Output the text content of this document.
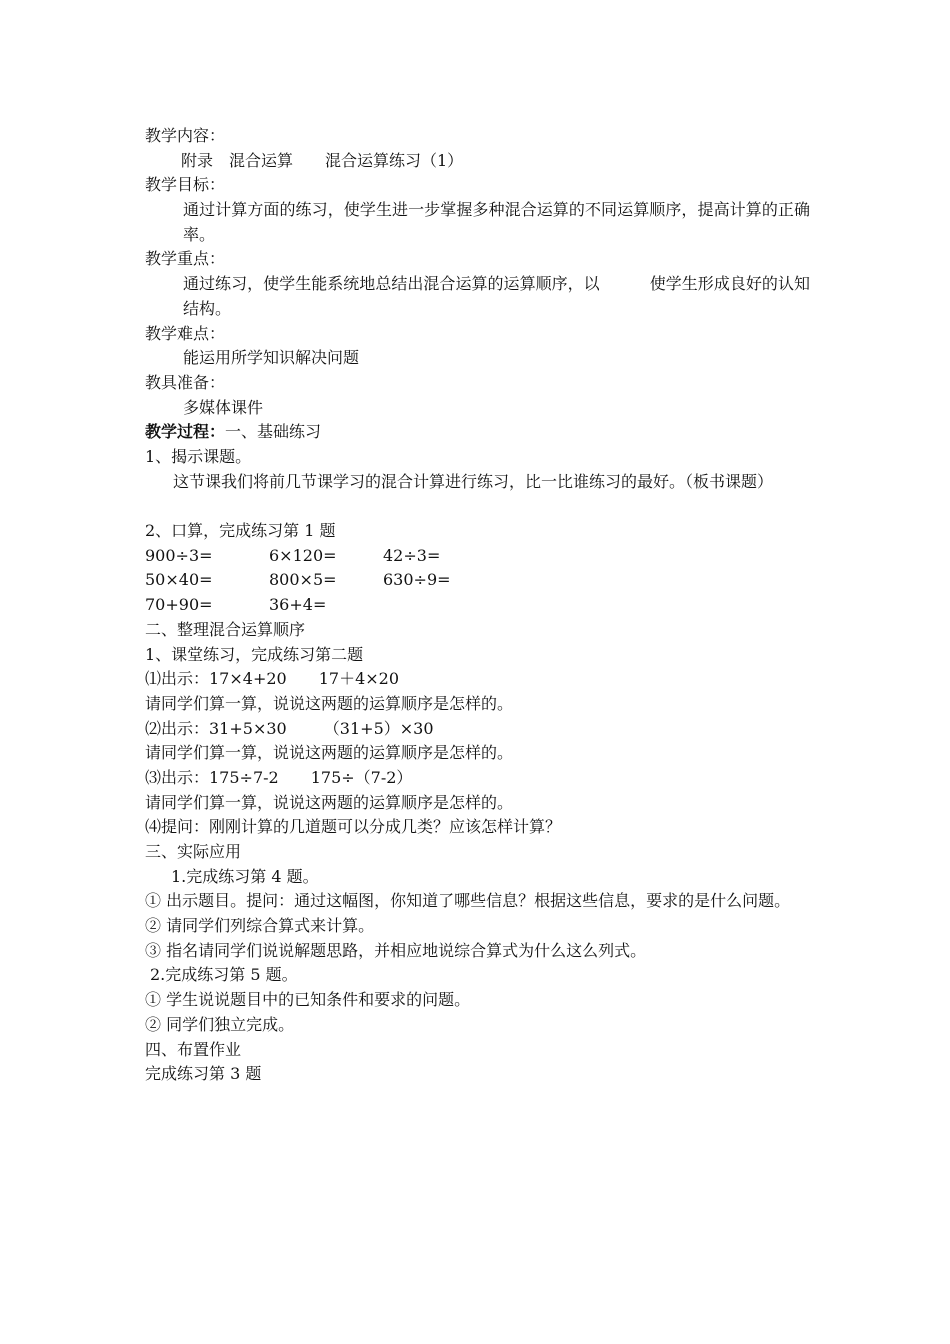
教学内容：
附录　混合运算　　混合运算练习（1）
教学目标：
通过计算方面的练习，使学生进一步掌握多种混合运算的不同运算顺序，提高计算的正确率。
教学重点：
通过练习，使学生能系统地总结出混合运算的运算顺序，以	使学生形成良好的认知结构。
教学难点：
能运用所学知识解决问题
教具准备：
多媒体课件
教学过程：一、基础练习
1、揭示课题。
这节课我们将前几节课学习的混合计算进行练习，比一比谁练习的最好。（板书课题）
2、口算，完成练习第 1 题
900÷3=	6×120=	42÷3=
50×40=	800×5=	630÷9=
70+90=	36+4=
二、整理混合运算顺序
1、课堂练习，完成练习第二题
⑴出示：17×4+20　　17＋4×20
请同学们算一算，说说这两题的运算顺序是怎样的。
⑵出示：31+5×30　　 （31+5）×30
请同学们算一算，说说这两题的运算顺序是怎样的。
⑶出示：175÷7-2　　175÷（7-2）
请同学们算一算，说说这两题的运算顺序是怎样的。
⑷提问：刚刚计算的几道题可以分成几类？应该怎样计算？
三、实际应用
1.完成练习第 4 题。
① 出示题目。提问：通过这幅图，你知道了哪些信息？根据这些信息，要求的是什么问题。
② 请同学们列综合算式来计算。
③ 指名请同学们说说解题思路，并相应地说综合算式为什么这么列式。
2.完成练习第 5 题。
① 学生说说题目中的已知条件和要求的问题。
② 同学们独立完成。
四、布置作业
完成练习第 3 题
